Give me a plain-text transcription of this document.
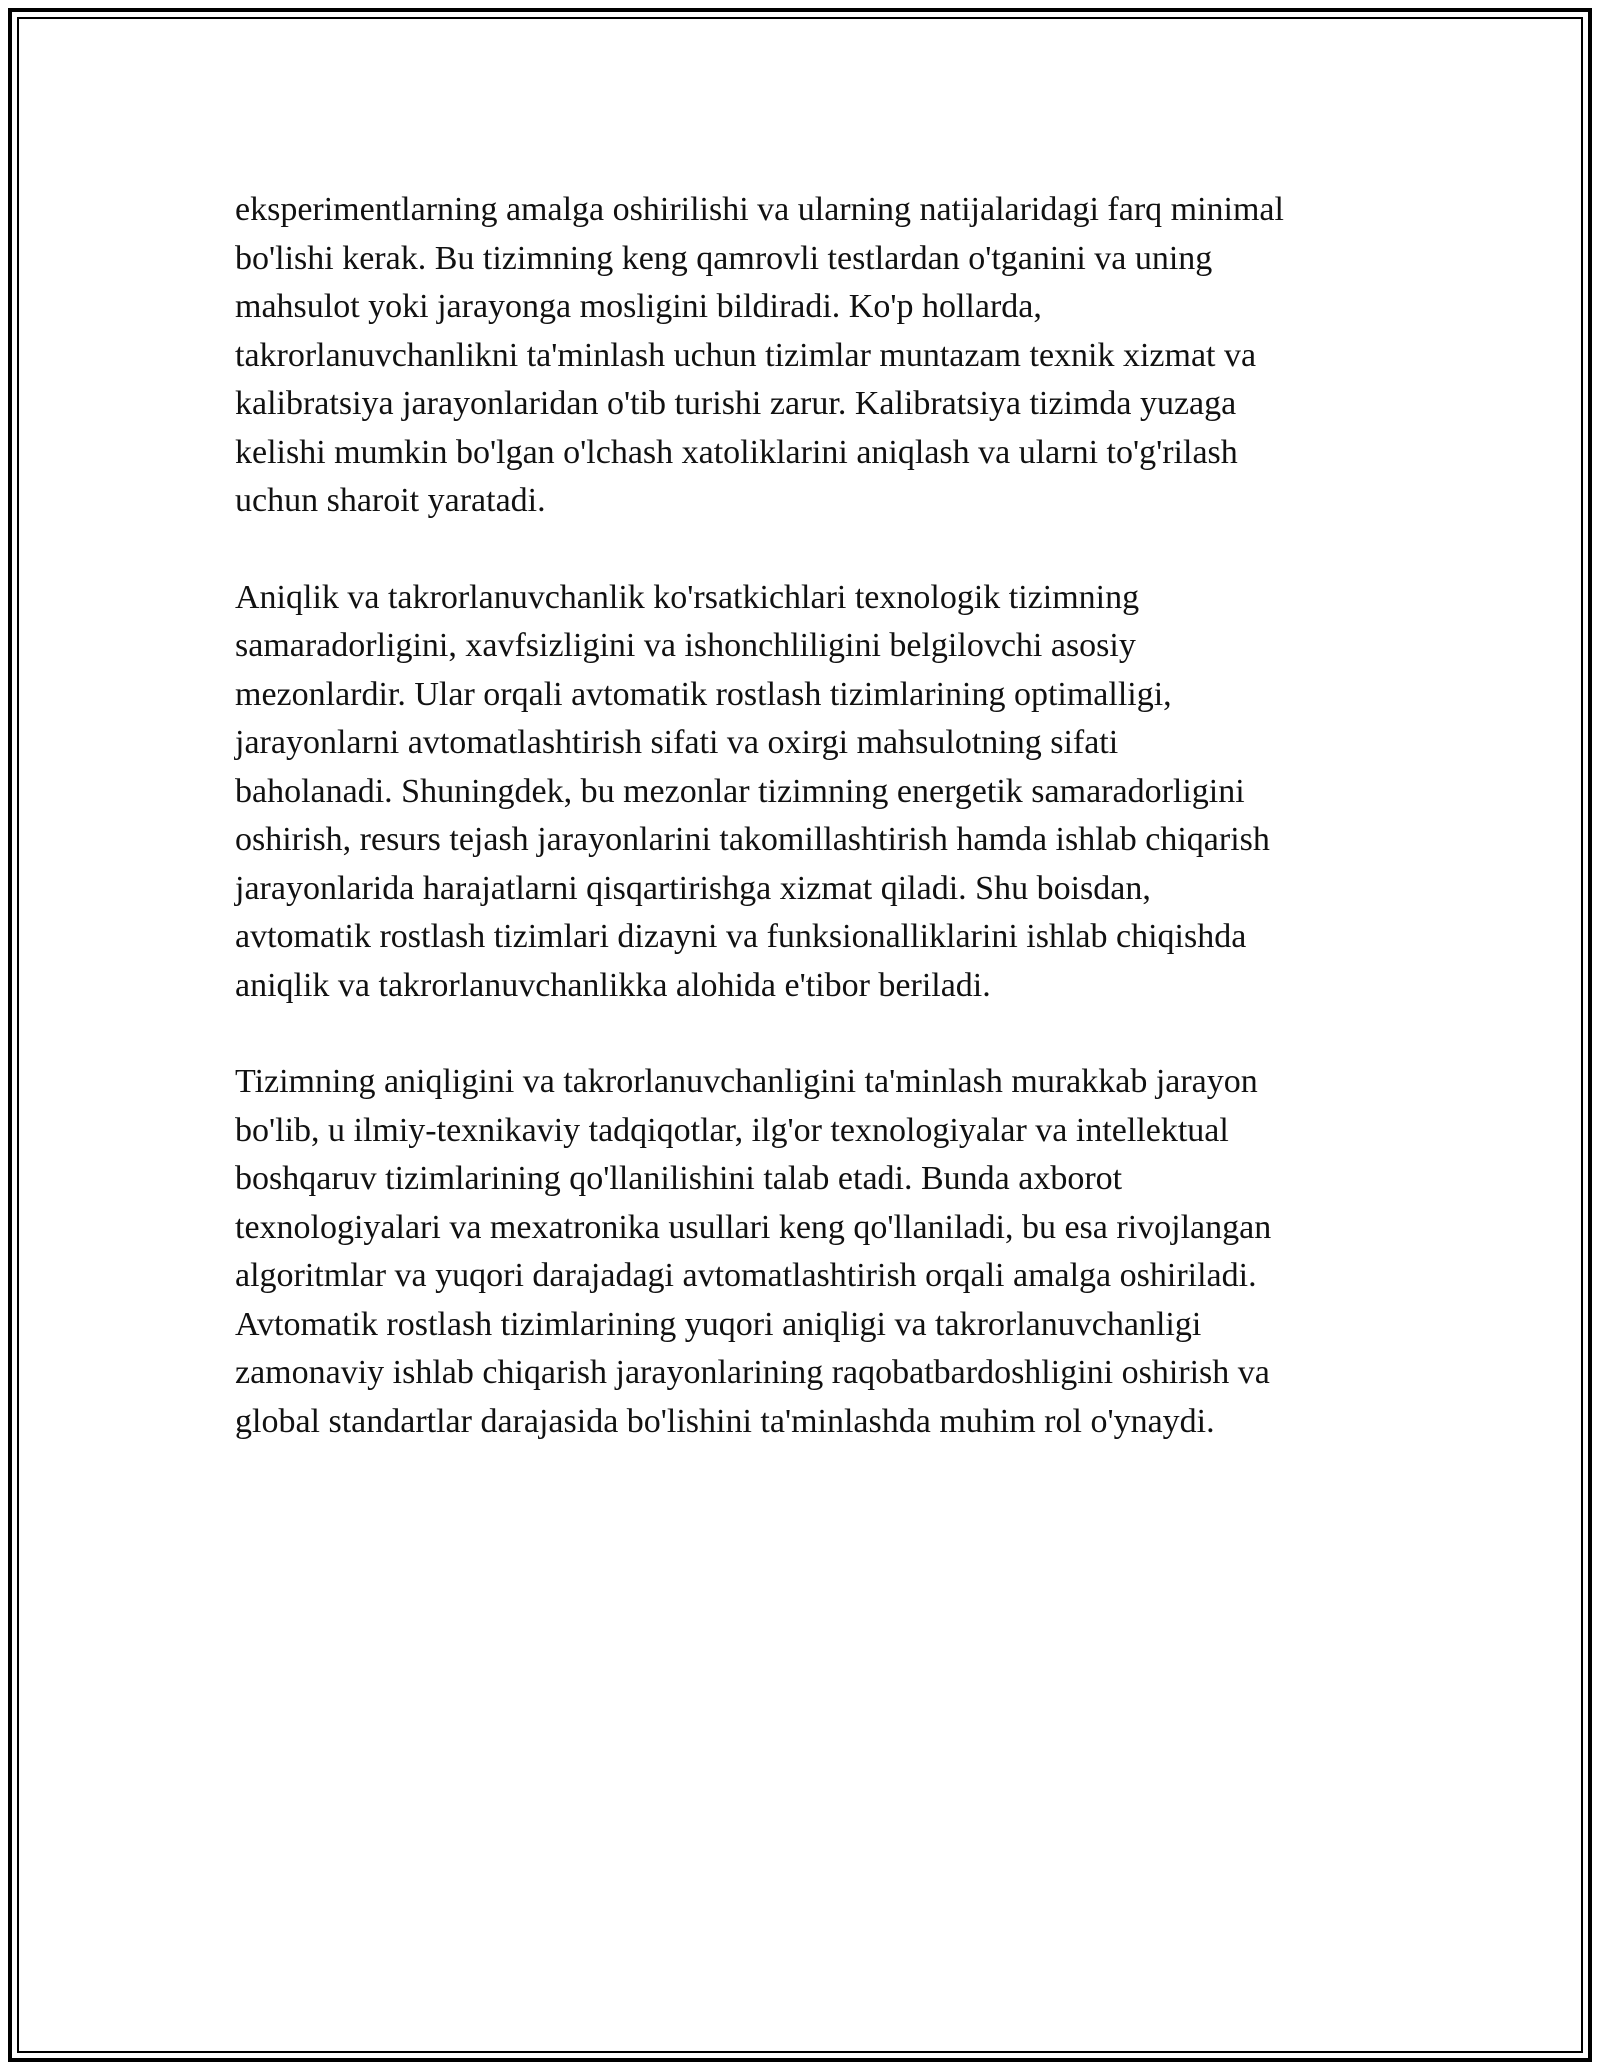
eksperimentlarning amalga oshirilishi va ularning natijalaridagi farq minimal
bo'lishi kerak. Bu tizimning keng qamrovli testlardan o'tganini va uning
mahsulot yoki jarayonga mosligini bildiradi. Ko'p hollarda,
takrorlanuvchanlikni ta'minlash uchun tizimlar muntazam texnik xizmat va
kalibratsiya jarayonlaridan o'tib turishi zarur. Kalibratsiya tizimda yuzaga
kelishi mumkin bo'lgan o'lchash xatoliklarini aniqlash va ularni to'g'rilash
uchun sharoit yaratadi.

Aniqlik va takrorlanuvchanlik ko'rsatkichlari texnologik tizimning
samaradorligini, xavfsizligini va ishonchliligini belgilovchi asosiy
mezonlardir. Ular orqali avtomatik rostlash tizimlarining optimalligi,
jarayonlarni avtomatlashtirish sifati va oxirgi mahsulotning sifati
baholanadi. Shuningdek, bu mezonlar tizimning energetik samaradorligini
oshirish, resurs tejash jarayonlarini takomillashtirish hamda ishlab chiqarish
jarayonlarida harajatlarni qisqartirishga xizmat qiladi. Shu boisdan,
avtomatik rostlash tizimlari dizayni va funksionalliklarini ishlab chiqishda
aniqlik va takrorlanuvchanlikka alohida e'tibor beriladi.

Tizimning aniqligini va takrorlanuvchanligini ta'minlash murakkab jarayon
bo'lib, u ilmiy-texnikaviy tadqiqotlar, ilg'or texnologiyalar va intellektual
boshqaruv tizimlarining qo'llanilishini talab etadi. Bunda axborot
texnologiyalari va mexatronika usullari keng qo'llaniladi, bu esa rivojlangan
algoritmlar va yuqori darajadagi avtomatlashtirish orqali amalga oshiriladi.
Avtomatik rostlash tizimlarining yuqori aniqligi va takrorlanuvchanligi
zamonaviy ishlab chiqarish jarayonlarining raqobatbardoshligini oshirish va
global standartlar darajasida bo'lishini ta'minlashda muhim rol o'ynaydi.
